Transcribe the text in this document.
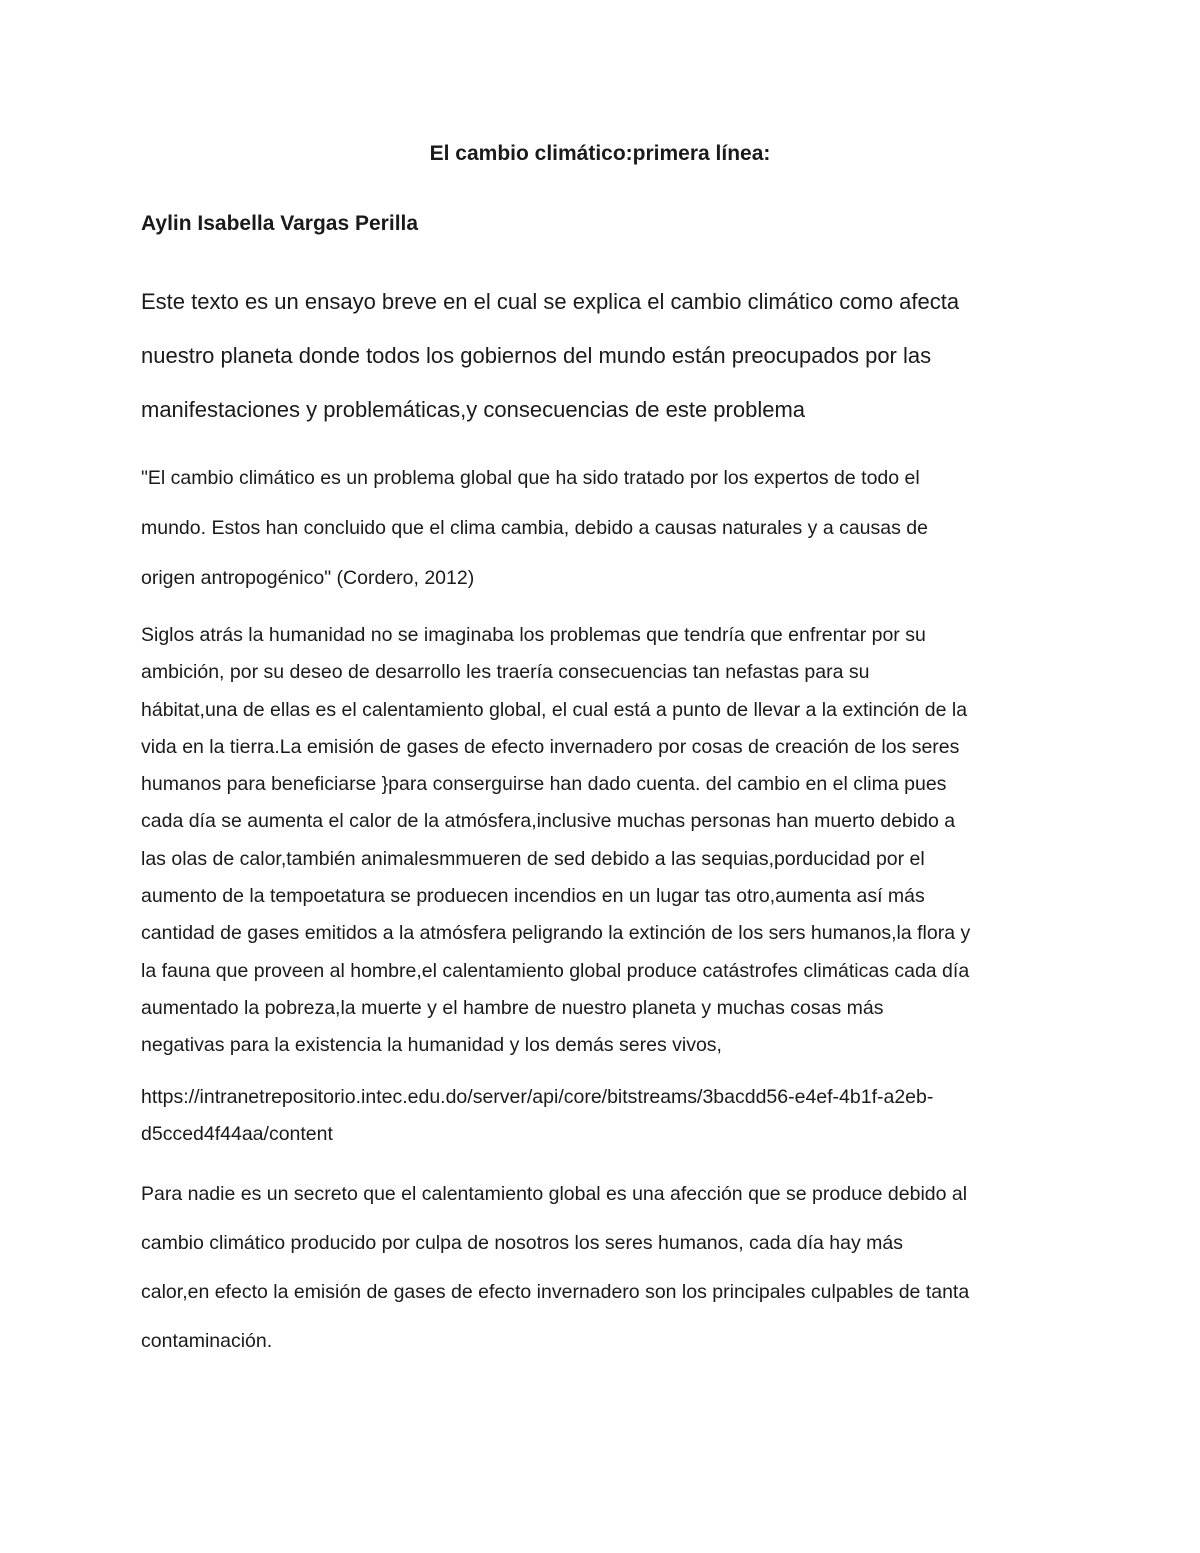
El cambio climático:primera línea:
Aylin Isabella Vargas Perilla

Este texto es un ensayo breve en el cual se explica el cambio climático como afecta
nuestro planeta donde todos los gobiernos del mundo están preocupados por las
manifestaciones y problemáticas,y consecuencias de este problema

"El cambio climático es un problema global que ha sido tratado por los expertos de todo el
mundo. Estos han concluido que el clima cambia, debido a causas naturales y a causas de
origen antropogénico" (Cordero, 2012)

Siglos atrás la humanidad no se imaginaba los problemas que tendría que enfrentar por su
ambición, por su deseo de desarrollo les traería consecuencias tan nefastas para su
hábitat,una de ellas es el calentamiento global, el cual está a punto de llevar a la extinción de la
vida en la tierra.La emisión de gases de efecto invernadero por cosas de creación de los seres
humanos para beneficiarse }para conserguirse han dado cuenta. del cambio en el clima pues
cada día se aumenta el calor de la atmósfera,inclusive muchas personas han muerto debido a
las olas de calor,también animalesmmueren de sed debido a las sequias,porducidad por el
aumento de la tempoetatura se produecen incendios en un lugar tas otro,aumenta así más
cantidad de gases emitidos a la atmósfera peligrando la extinción de los sers humanos,la flora y
la fauna que proveen al hombre,el calentamiento global produce catástrofes climáticas cada día
aumentado la pobreza,la muerte y el hambre de nuestro planeta y muchas cosas más
negativas para la existencia la humanidad y los demás seres vivos,

https://intranetrepositorio.intec.edu.do/server/api/core/bitstreams/3bacdd56-e4ef-4b1f-a2eb-
d5cced4f44aa/content

Para nadie es un secreto que el calentamiento global es una afección que se produce debido al
cambio climático producido por culpa de nosotros los seres humanos, cada día hay más
calor,en efecto la emisión de gases de efecto invernadero son los principales culpables de tanta
contaminación.
